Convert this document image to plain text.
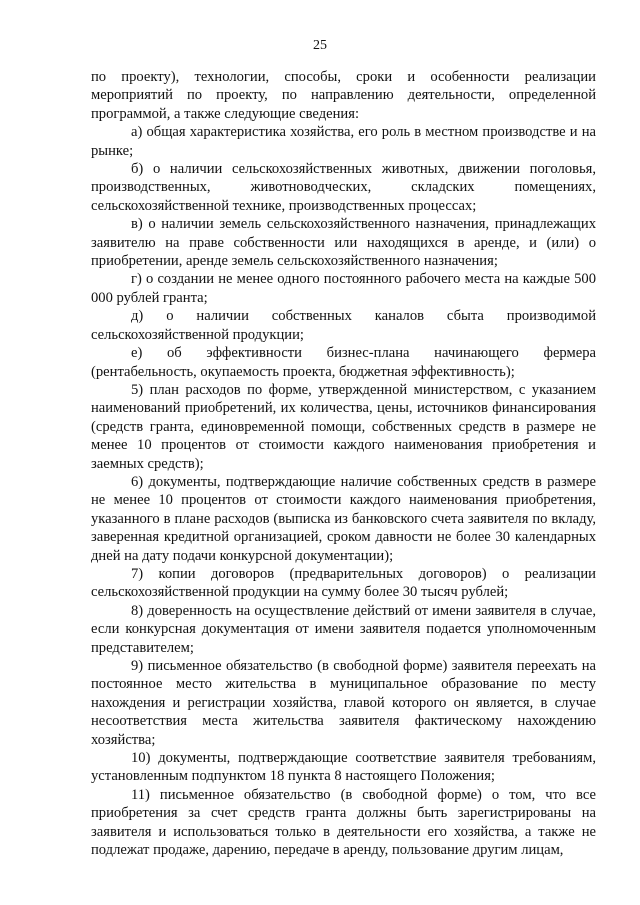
25

по проекту), технологии, способы, сроки и особенности реализации мероприятий по проекту, по направлению деятельности, определенной программой, а также следующие сведения:

а) общая характеристика хозяйства, его роль в местном производстве и на рынке;

б) о наличии сельскохозяйственных животных, движении поголовья, производственных, животноводческих, складских помещениях, сельскохозяйственной технике, производственных процессах;

в) о наличии земель сельскохозяйственного назначения, принадлежащих заявителю на праве собственности или находящихся в аренде, и (или) о приобретении, аренде земель сельскохозяйственного назначения;

г) о создании не менее одного постоянного рабочего места на каждые 500 000 рублей гранта;

д) о наличии собственных каналов сбыта производимой сельскохозяйственной продукции;

е) об эффективности бизнес-плана начинающего фермера (рентабельность, окупаемость проекта, бюджетная эффективность);

5) план расходов по форме, утвержденной министерством, с указанием наименований приобретений, их количества, цены, источников финансирования (средств гранта, единовременной помощи, собственных средств в размере не менее 10 процентов от стоимости каждого наименования приобретения и заемных средств);

6) документы, подтверждающие наличие собственных средств в размере не менее 10 процентов от стоимости каждого наименования приобретения, указанного в плане расходов (выписка из банковского счета заявителя по вкладу, заверенная кредитной организацией, сроком давности не более 30 календарных дней на дату подачи конкурсной документации);

7) копии договоров (предварительных договоров) о реализации сельскохозяйственной продукции на сумму более 30 тысяч рублей;

8) доверенность на осуществление действий от имени заявителя в случае, если конкурсная документация от имени заявителя подается уполномоченным представителем;

9) письменное обязательство (в свободной форме) заявителя переехать на постоянное место жительства в муниципальное образование по месту нахождения и регистрации хозяйства, главой которого он является, в случае несоответствия места жительства заявителя фактическому нахождению хозяйства;

10) документы, подтверждающие соответствие заявителя требованиям, установленным подпунктом 18 пункта 8 настоящего Положения;

11) письменное обязательство (в свободной форме) о том, что все приобретения за счет средств гранта должны быть зарегистрированы на заявителя и использоваться только в деятельности его хозяйства, а также не подлежат продаже, дарению, передаче в аренду, пользование другим лицам,
